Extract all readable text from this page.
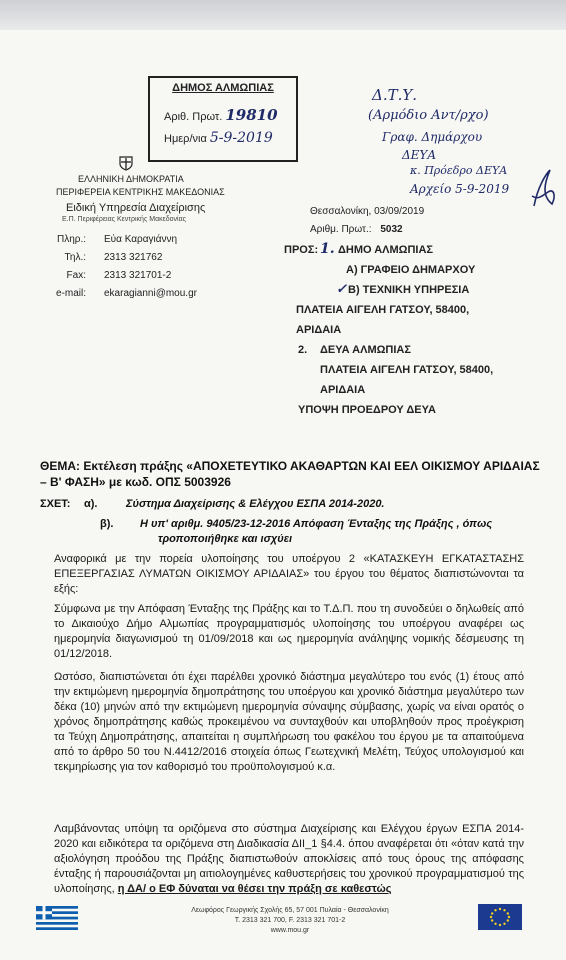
ΔΗΜΟΣ ΑΛΜΩΠΙΑΣ
Αριθ. Πρωτ. 19810
Ημερ/νια 5-9-2019
Δ.Τ.Υ.
(Αρμόδιο Αντ/ρχο)
Γραφ. Δημάρχου
ΔΕΥΑ
κ. Πρόεδρο ΔΕΥΑ
Αρχείο 5-9-2019
ΕΛΛΗΝΙΚΗ ΔΗΜΟΚΡΑΤΙΑ
ΠΕΡΙΦΕΡΕΙΑ ΚΕΝΤΡΙΚΗΣ ΜΑΚΕΔΟΝΙΑΣ
Ειδική Υπηρεσία Διαχείρισης
Ε.Π. Περιφέρειας Κεντρικής Μακεδονίας
Πληρ.: Εύα Καραγιάννη
Τηλ.: 2313 321762
Fax: 2313 321701-2
e-mail: ekaragianni@mou.gr
Θεσσαλονίκη, 03/09/2019
Αριθμ. Πρωτ.: 5032
ΠΡΟΣ: 1. ΔΗΜΟ ΑΛΜΩΠΙΑΣ
Α) ΓΡΑΦΕΙΟ ΔΗΜΑΡΧΟΥ
✓ Β) ΤΕΧΝΙΚΗ ΥΠΗΡΕΣΙΑ
ΠΛΑΤΕΙΑ ΑΙΓΕΛΗ ΓΑΤΣΟΥ, 58400,
ΑΡΙΔΑΙΑ
2. ΔΕΥΑ ΑΛΜΩΠΙΑΣ
ΠΛΑΤΕΙΑ ΑΙΓΕΛΗ ΓΑΤΣΟΥ, 58400,
ΑΡΙΔΑΙΑ
ΥΠΟΨΗ ΠΡΟΕΔΡΟΥ ΔΕΥΑ
ΘΕΜΑ: Εκτέλεση πράξης «ΑΠΟΧΕΤΕΥΤΙΚΟ ΑΚΑΘΑΡΤΩΝ ΚΑΙ ΕΕΛ ΟΙΚΙΣΜΟΥ ΑΡΙΔΑΙΑΣ – Β' ΦΑΣΗ» με κωδ. ΟΠΣ 5003926
ΣΧΕΤ: α).	Σύστημα Διαχείρισης & Ελέγχου ΕΣΠΑ 2014-2020.
β). Η υπ' αριθμ. 9405/23-12-2016 Απόφαση Ένταξης της Πράξης , όπως
τροποποιήθηκε και ισχύει
Αναφορικά με την πορεία υλοποίησης του υποέργου 2 «ΚΑΤΑΣΚΕΥΗ ΕΓΚΑΤΑΣΤΑΣΗΣ ΕΠΕΞΕΡΓΑΣΙΑΣ ΛΥΜΑΤΩΝ ΟΙΚΙΣΜΟΥ ΑΡΙΔΑΙΑΣ» του έργου του θέματος διαπιστώνονται τα εξής:
Σύμφωνα με την Απόφαση Ένταξης της Πράξης και το Τ.Δ.Π. που τη συνοδεύει ο δηλωθείς από το Δικαιούχο Δήμο Αλμωπίας προγραμματισμός υλοποίησης του υποέργου αναφέρει ως ημερομηνία διαγωνισμού τη 01/09/2018 και ως ημερομηνία ανάληψης νομικής δέσμευσης τη 01/12/2018.
Ωστόσο, διαπιστώνεται ότι έχει παρέλθει χρονικό διάστημα μεγαλύτερο του ενός (1) έτους από την εκτιμώμενη ημερομηνία δημοπράτησης του υποέργου και χρονικό διάστημα μεγαλύτερο των δέκα (10) μηνών από την εκτιμώμενη ημερομηνία σύναψης σύμβασης, χωρίς να είναι ορατός ο χρόνος δημοπράτησης καθώς προκειμένου να συνταχθούν και υποβληθούν προς προέγκριση τα Τεύχη Δημοπράτησης, απαιτείται η συμπλήρωση του φακέλου του έργου με τα απαιτούμενα από το άρθρο 50 του Ν.4412/2016 στοιχεία όπως Γεωτεχνική Μελέτη, Τεύχος υπολογισμού και τεκμηρίωσης για τον καθορισμό του προϋπολογισμού κ.α.
Λαμβάνοντας υπόψη τα οριζόμενα στο σύστημα Διαχείρισης και Ελέγχου έργων ΕΣΠΑ 2014-2020 και ειδικότερα τα οριζόμενα στη Διαδικασία ΔΙΙ_1 §4.4. όπου αναφέρεται ότι «όταν κατά την αξιολόγηση προόδου της Πράξης διαπιστωθούν αποκλίσεις από τους όρους της απόφασης ένταξης ή παρουσιάζονται μη αιτιολογημένες καθυστερήσεις του χρονικού προγραμματισμού της υλοποίησης, η ΔΑ/ ο ΕΦ δύναται να θέσει την πράξη σε καθεστώς
Λεωφόρος Γεωργικής Σχολής 65, 57 001 Πυλαία - Θεσσαλονίκη
Τ. 2313 321 700, F. 2313 321 701-2
www.mou.gr
